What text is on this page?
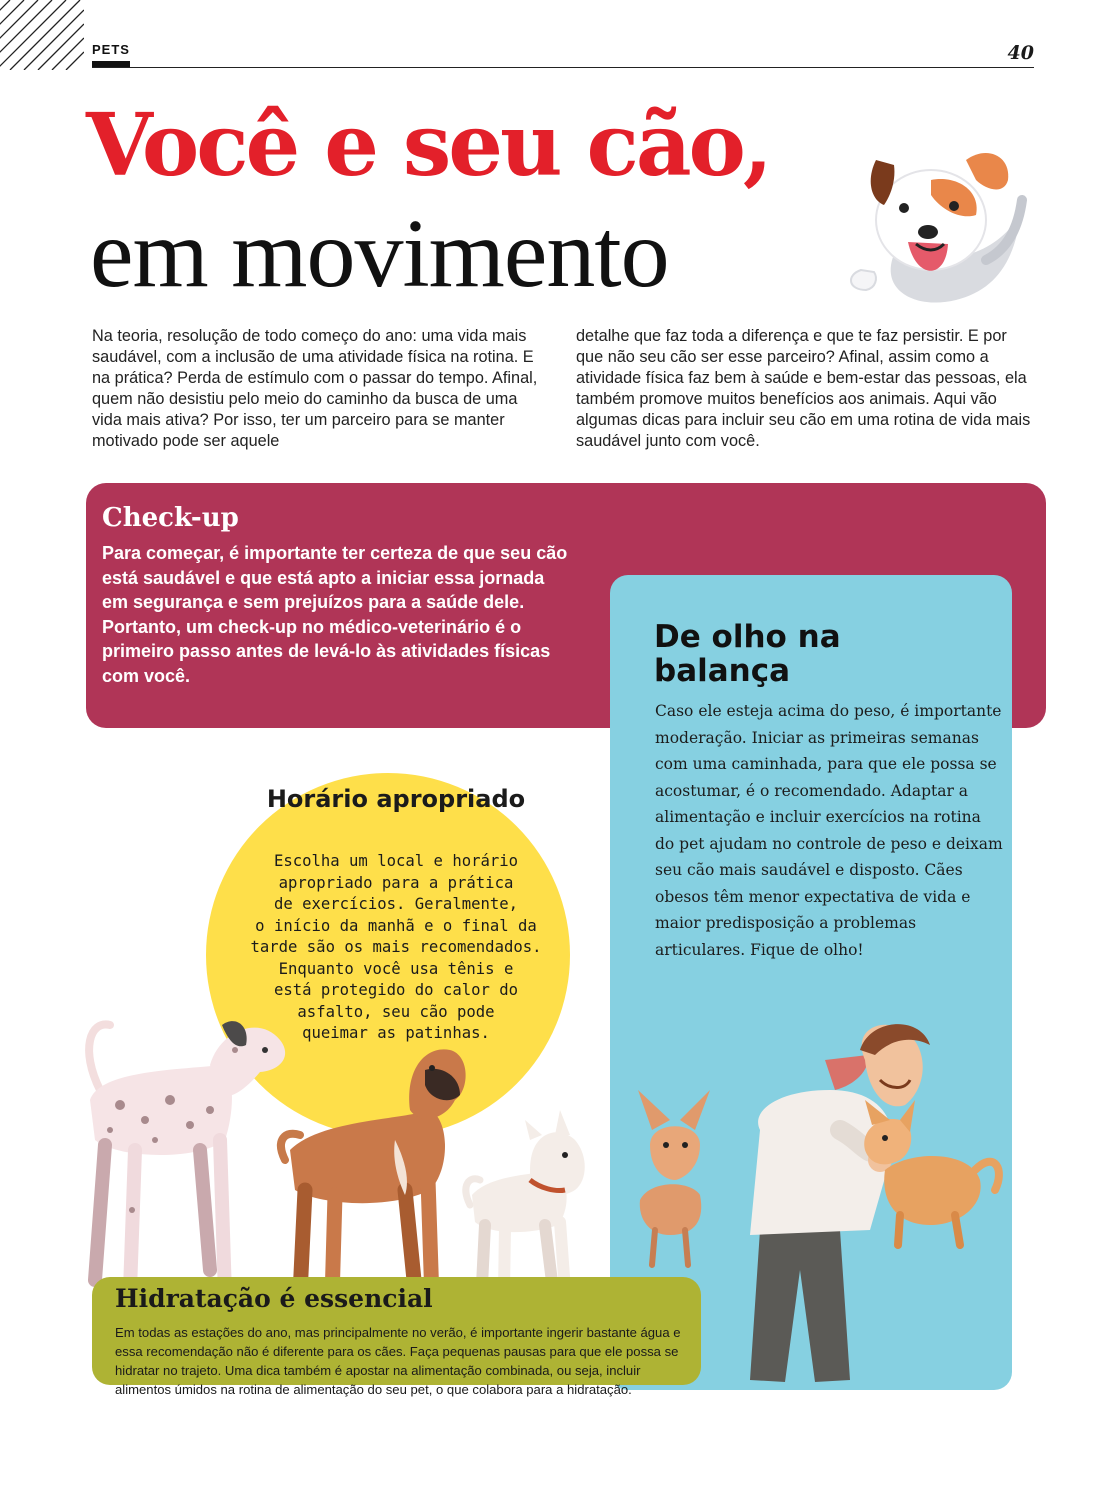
PETS	40
Você e seu cão,
em movimento
Na teoria, resolução de todo começo do ano: uma vida mais saudável, com a inclusão de uma atividade física na rotina. E na prática? Perda de estímulo com o passar do tempo. Afinal, quem não desistiu pelo meio do caminho da busca de uma vida mais ativa? Por isso, ter um parceiro para se manter motivado pode ser aquele
detalhe que faz toda a diferença e que te faz persistir. E por que não seu cão ser esse parceiro? Afinal, assim como a atividade física faz bem à saúde e bem-estar das pessoas, ela também promove muitos benefícios aos animais. Aqui vão algumas dicas para incluir seu cão em uma rotina de vida mais saudável junto com você.
Check-up
Para começar, é importante ter certeza de que seu cão está saudável e que está apto a iniciar essa jornada em segurança e sem prejuízos para a saúde dele. Portanto, um check-up no médico-veterinário é o primeiro passo antes de levá-lo às atividades físicas com você.
De olho na balança
Caso ele esteja acima do peso, é importante moderação. Iniciar as primeiras semanas com uma caminhada, para que ele possa se acostumar, é o recomendado. Adaptar a alimentação e incluir exercícios na rotina do pet ajudam no controle de peso e deixam seu cão mais saudável e disposto. Cães obesos têm menor expectativa de vida e maior predisposição a problemas articulares. Fique de olho!
Horário apropriado
Escolha um local e horário
apropriado para a prática
de exercícios. Geralmente,
o início da manhã e o final da
tarde são os mais recomendados.
Enquanto você usa tênis e
está protegido do calor do
asfalto, seu cão pode
queimar as patinhas.
Hidratação é essencial
Em todas as estações do ano, mas principalmente no verão, é importante ingerir bastante água e essa recomendação não é diferente para os cães. Faça pequenas pausas para que ele possa se hidratar no trajeto. Uma dica também é apostar na alimentação combinada, ou seja, incluir alimentos úmidos na rotina de alimentação do seu pet, o que colabora para a hidratação.
